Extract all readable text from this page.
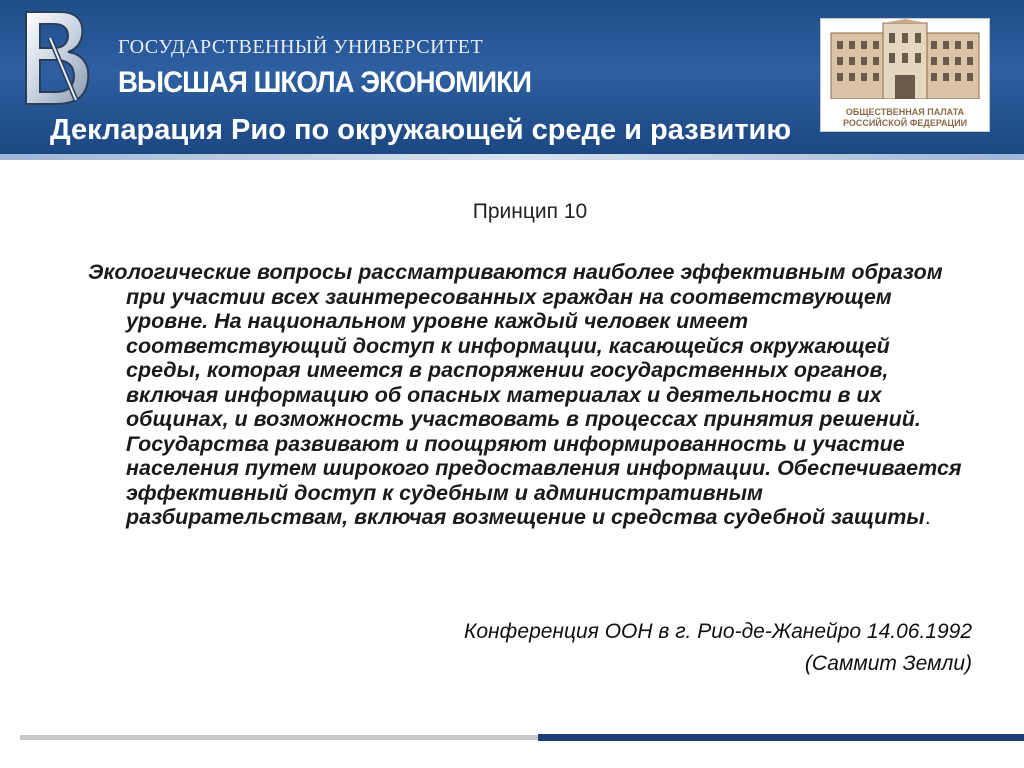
ГОСУДАРСТВЕННЫЙ УНИВЕРСИТЕТ
ВЫСШАЯ ШКОЛА ЭКОНОМИКИ
ОБЩЕСТВЕННАЯ ПАЛАТА
РОССИЙСКОЙ ФЕДЕРАЦИИ
Декларация Рио по окружающей среде и развитию
Принцип 10
Экологические вопросы рассматриваются наиболее эффективным образом при участии всех заинтересованных граждан на соответствующем уровне. На национальном уровне каждый человек имеет соответствующий доступ к информации, касающейся окружающей среды, которая имеется в распоряжении государственных органов, включая информацию об опасных материалах и деятельности в их общинах, и возможность участвовать в процессах принятия решений. Государства развивают и поощряют информированность и участие населения путем широкого предоставления информации. Обеспечивается эффективный доступ к судебным и административным разбирательствам, включая возмещение и средства судебной защиты.
Конференция ООН в г. Рио-де-Жанейро 14.06.1992
(Саммит Земли)
